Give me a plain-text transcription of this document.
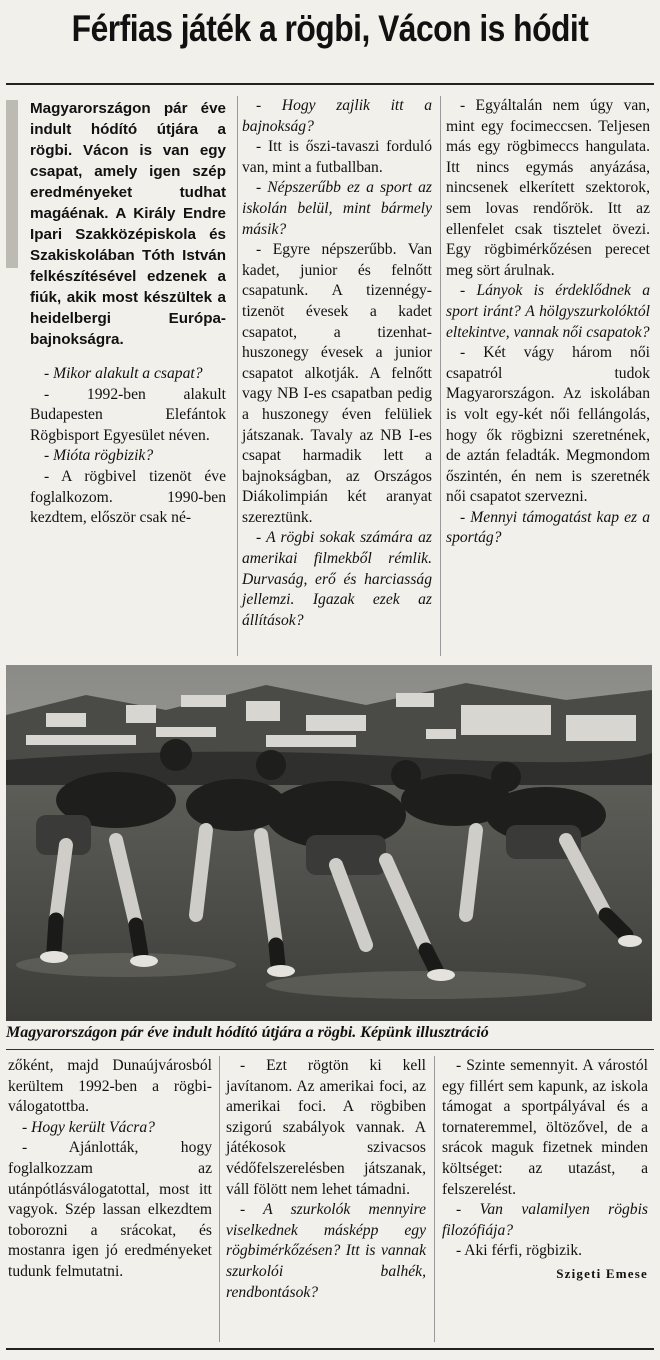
Férfias játék a rögbi, Vácon is hódit

Magyarországon pár éve indult hódító útjára a rögbi. Vácon is van egy csapat, amely igen szép eredményeket tudhat magáénak. A Király Endre Ipari Szakközépiskola és Szakiskolában Tóth István felkészítésével edzenek a fiúk, akik most készültek a heidelbergi Európa-bajnokságra.

- Mikor alakult a csapat?

- 1992-ben alakult Budapesten Elefántok Rögbisport Egyesület néven.

- Mióta rögbizik?

- A rögbivel tizenöt éve foglalkozom. 1990-ben kezdtem, először csak né-

- Hogy zajlik itt a bajnokság?

- Itt is őszi-tavaszi forduló van, mint a futballban.

- Népszerűbb ez a sport az iskolán belül, mint bármely másik?

- Egyre népszerűbb. Van kadet, junior és felnőtt csapatunk. A tizennégy-tizenöt évesek a kadet csapatot, a tizenhat-huszonegy évesek a junior csapatot alkotják. A felnőtt vagy NB I-es csapatban pedig a huszonegy éven felüliek játszanak. Tavaly az NB I-es csapat harmadik lett a bajnokságban, az Országos Diákolimpián két aranyat szereztünk.

- A rögbi sokak számára az amerikai filmekből rémlik. Durvaság, erő és harciasság jellemzi. Igazak ezek az állítások?

- Egyáltalán nem úgy van, mint egy focimeccsen. Teljesen más egy rögbimeccs hangulata. Itt nincs egymás anyázása, nincsenek elkerített szektorok, sem lovas rendőrök. Itt az ellenfelet csak tisztelet övezi. Egy rögbimérkőzésen perecet meg sört árulnak.

- Lányok is érdeklődnek a sport iránt? A hölgyszurkolóktól eltekintve, vannak női csapatok?

- Két vágy három női csapatról tudok Magyarországon. Az iskolában is volt egy-két női fellángolás, hogy ők rögbizni szeretnének, de aztán feladták. Megmondom őszintén, én nem is szeretnék női csapatot szervezni.

- Mennyi támogatást kap ez a sportág?

Magyarországon pár éve indult hódító útjára a rögbi. Képünk illusztráció

zőként, majd Dunaújvárosból kerültem 1992-ben a rögbi-válogatottba.

- Hogy került Vácra?

- Ajánlották, hogy foglalkozzam az utánpótlásválogatottal, most itt vagyok. Szép lassan elkezdtem toborozni a srácokat, és mostanra igen jó eredményeket tudunk felmutatni.

- Ezt rögtön ki kell javítanom. Az amerikai foci, az amerikai foci. A rögbiben szigorú szabályok vannak. A játékosok szivacsos védőfelszerelésben játszanak, váll fölött nem lehet támadni.

- A szurkolók mennyire viselkednek másképp egy rögbimérkőzésen? Itt is vannak szurkolói balhék, rendbontások?

- Szinte semennyit. A várostól egy fillért sem kapunk, az iskola támogat a sportpályával és a tornateremmel, öltözővel, de a srácok maguk fizetnek minden költséget: az utazást, a felszerelést.

- Van valamilyen rögbis filozófiája?

- Aki férfi, rögbizik.

Szigeti Emese
